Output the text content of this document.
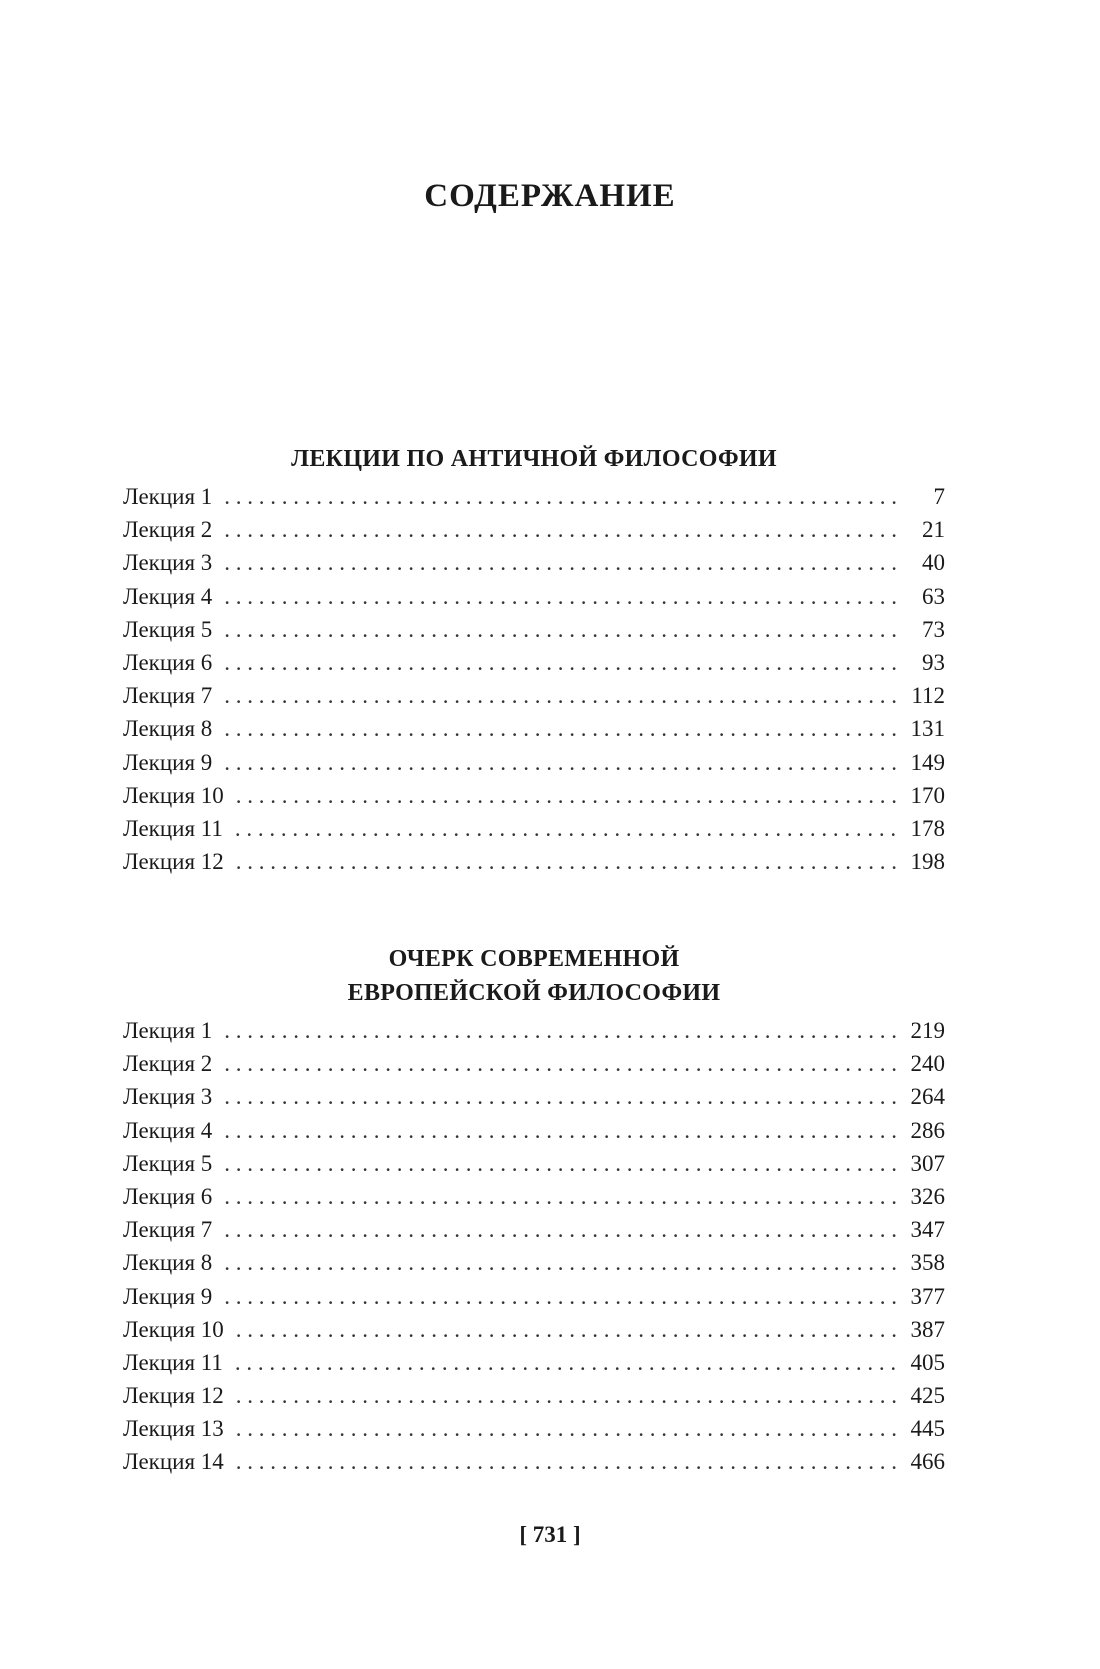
СОДЕРЖАНИЕ
ЛЕКЦИИ ПО АНТИЧНОЙ ФИЛОСОФИИ
Лекция 1 . . .	7
Лекция 2 . . .	21
Лекция 3 . . .	40
Лекция 4 . . .	63
Лекция 5 . . .	73
Лекция 6 . . .	93
Лекция 7 . . .	112
Лекция 8 . . .	131
Лекция 9 . . .	149
Лекция 10 . . .	170
Лекция 11 . . .	178
Лекция 12 . . .	198
ОЧЕРК СОВРЕМЕННОЙ
ЕВРОПЕЙСКОЙ ФИЛОСОФИИ
Лекция 1 . . .	219
Лекция 2 . . .	240
Лекция 3 . . .	264
Лекция 4 . . .	286
Лекция 5 . . .	307
Лекция 6 . . .	326
Лекция 7 . . .	347
Лекция 8 . . .	358
Лекция 9 . . .	377
Лекция 10 . . .	387
Лекция 11 . . .	405
Лекция 12 . . .	425
Лекция 13 . . .	445
Лекция 14 . . .	466
[ 731 ]
